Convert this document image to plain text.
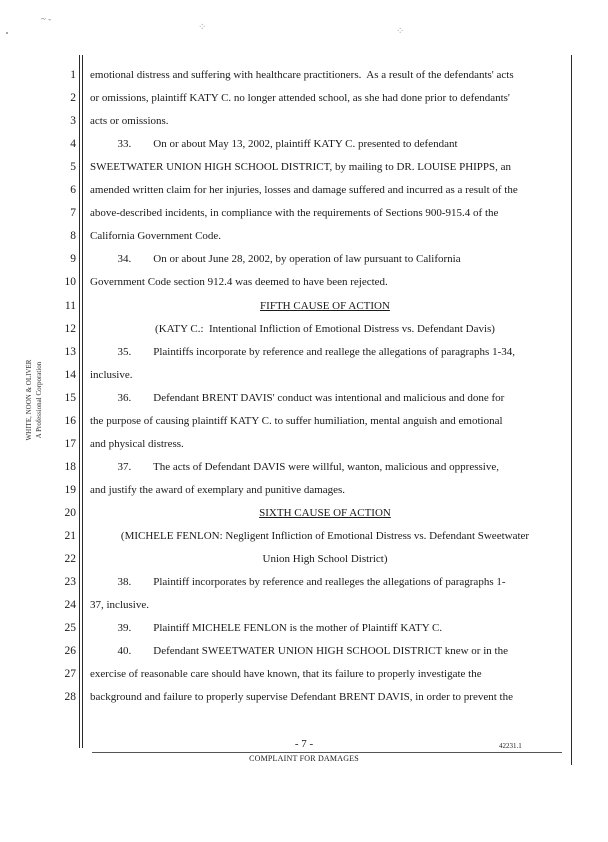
~ -
⁘	⁘
WHITE, NOON & OLIVER A Professional Corporation
1
2
3
4
5
6
7
8
9
10
11
12
13
14
15
16
17
18
19
20
21
22
23
24
25
26
27
28
emotional distress and suffering with healthcare practitioners.  As a result of the defendants' acts
or omissions, plaintiff KATY C. no longer attended school, as she had done prior to defendants'
acts or omissions.
33.        On or about May 13, 2002, plaintiff KATY C. presented to defendant
SWEETWATER UNION HIGH SCHOOL DISTRICT, by mailing to DR. LOUISE PHIPPS, an
amended written claim for her injuries, losses and damage suffered and incurred as a result of the
above-described incidents, in compliance with the requirements of Sections 900-915.4 of the
California Government Code.
34.        On or about June 28, 2002, by operation of law pursuant to California
Government Code section 912.4 was deemed to have been rejected.
FIFTH CAUSE OF ACTION
(KATY C.:  Intentional Infliction of Emotional Distress vs. Defendant Davis)
35.        Plaintiffs incorporate by reference and reallege the allegations of paragraphs 1-34,
inclusive.
36.        Defendant BRENT DAVIS' conduct was intentional and malicious and done for
the purpose of causing plaintiff KATY C. to suffer humiliation, mental anguish and emotional
and physical distress.
37.        The acts of Defendant DAVIS were willful, wanton, malicious and oppressive,
and justify the award of exemplary and punitive damages.
SIXTH CAUSE OF ACTION
(MICHELE FENLON: Negligent Infliction of Emotional Distress vs. Defendant Sweetwater
Union High School District)
38.        Plaintiff incorporates by reference and realleges the allegations of paragraphs 1-
37, inclusive.
39.        Plaintiff MICHELE FENLON is the mother of Plaintiff KATY C.
40.        Defendant SWEETWATER UNION HIGH SCHOOL DISTRICT knew or in the
exercise of reasonable care should have known, that its failure to properly investigate the
background and failure to properly supervise Defendant BRENT DAVIS, in order to prevent the
- 7 -	42231.1
COMPLAINT FOR DAMAGES
